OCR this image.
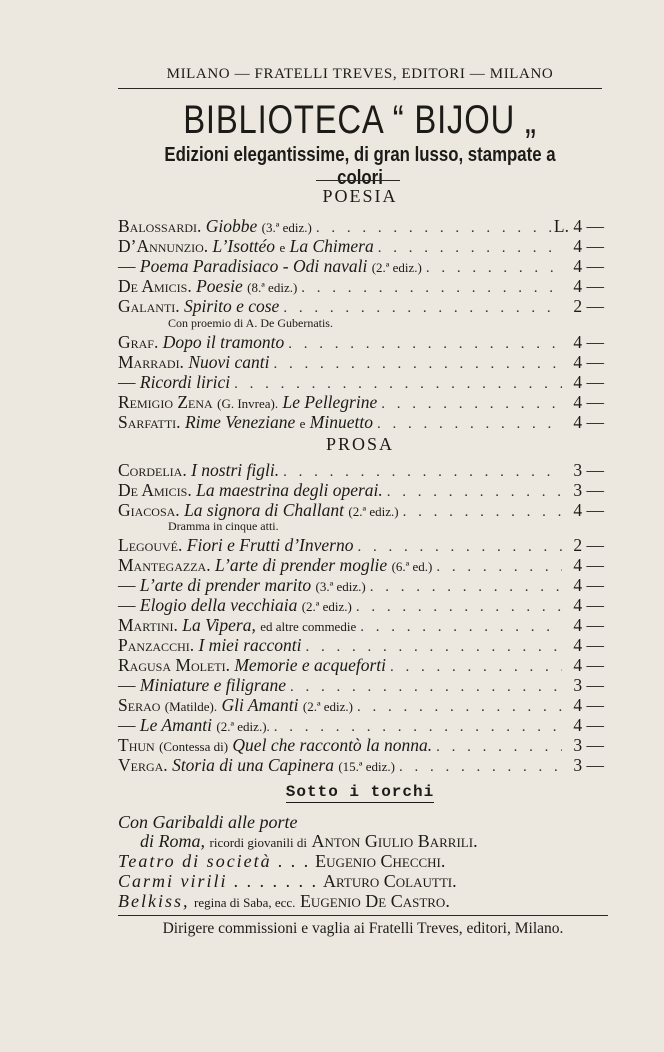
MILANO — FRATELLI TREVES, EDITORI — MILANO
BIBLIOTECA “ BIJOU „
Edizioni elegantissime, di gran lusso, stampate a colori
POESIA
Balossardi. Giobbe (3.ª ediz.) . . .	L. 4 —
D’Annunzio. L’Isottéo e La Chimera . . .	4 —
— Poema Paradisiaco - Odi navali (2.ª ediz.) . . .	4 —
De Amicis. Poesie (8.ª ediz.) . . .	4 —
Galanti. Spirito e cose . . .	2 —
Con proemio di A. De Gubernatis.
Graf. Dopo il tramonto . . .	4 —
Marradi. Nuovi canti . . .	4 —
— Ricordi lirici . . .	4 —
Remigio Zena (G. Invrea). Le Pellegrine . . .	4 —
Sarfatti. Rime Veneziane e Minuetto . . .	4 —
PROSA
Cordelia. I nostri figli. . . .	3 —
De Amicis. La maestrina degli operai. . . .	3 —
Giacosa. La signora di Challant (2.ª ediz.) . . .	4 —
Dramma in cinque atti.
Legouvé. Fiori e Frutti d’Inverno . . .	2 —
Mantegazza. L’arte di prender moglie (6.ª ed.) . . .	4 —
— L’arte di prender marito (3.ª ediz.) . . .	4 —
— Elogio della vecchiaia (2.ª ediz.) . . .	4 —
Martini. La Vipera, ed altre commedie . . .	4 —
Panzacchi. I miei racconti . . .	4 —
Ragusa Moleti. Memorie e acqueforti . . .	4 —
— Miniature e filigrane . . .	3 —
Serao (Matilde). Gli Amanti (2.ª ediz.) . . .	4 —
— Le Amanti (2.ª ediz.). . . .	4 —
Thun (Contessa di) Quel che raccontò la nonna. . . .	3 —
Verga. Storia di una Capinera (15.ª ediz.) . . .	3 —
Sotto i torchi
Con Garibaldi alle porte
di Roma, ricordi giovanili di Anton Giulio Barrili.
Teatro di società . . . Eugenio Checchi.
Carmi virili . . . . . . . Arturo Colautti.
Belkiss, regina di Saba, ecc. Eugenio De Castro.
Dirigere commissioni e vaglia ai Fratelli Treves, editori, Milano.
